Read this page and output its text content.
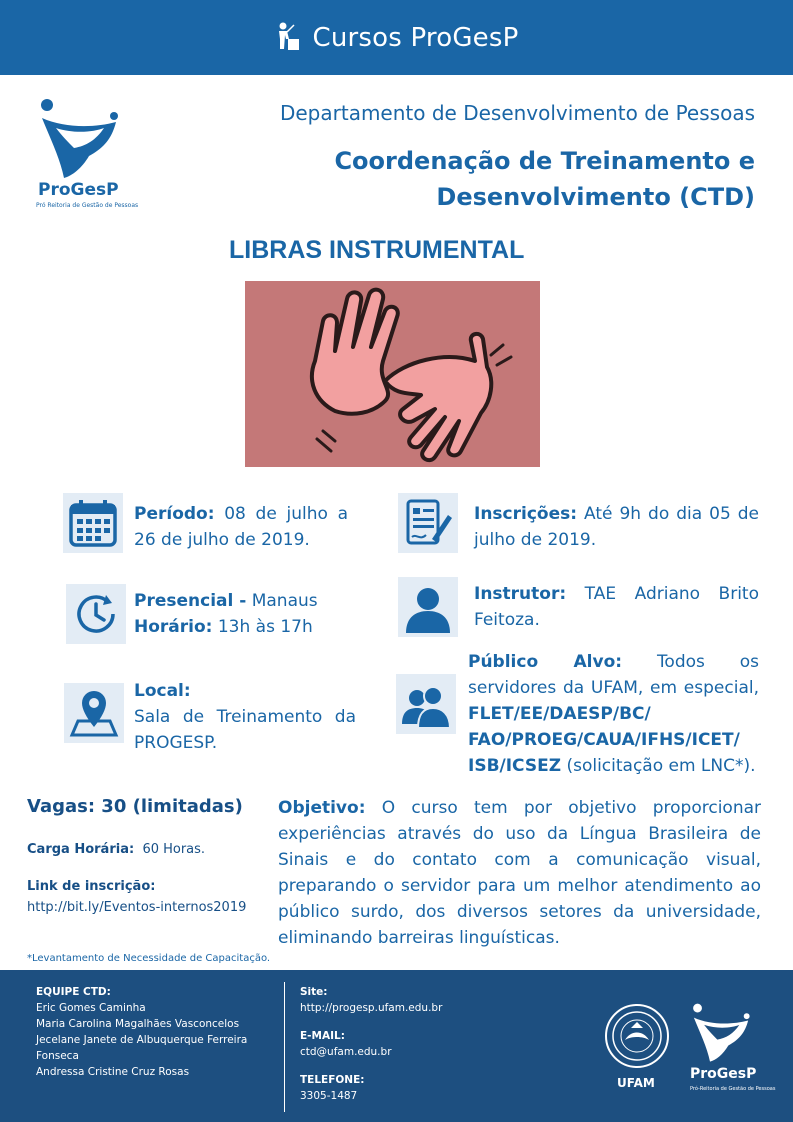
Cursos ProGesP
ProGesP
Pró Reitoria de Gestão de Pessoas
Departamento de Desenvolvimento de Pessoas
Coordenação de Treinamento e
Desenvolvimento (CTD)
LIBRAS INSTRUMENTAL
Período: 08 de julho a 26 de julho de 2019.
Inscrições: Até 9h do dia 05 de julho de 2019.
Presencial - Manaus
Horário: 13h às 17h
Instrutor: TAE Adriano Brito Feitoza.
Local:
Sala de Treinamento da PROGESP.
Público Alvo: Todos os servidores da UFAM, em especial, FLET/EE/DAESP/BC/ FAO/PROEG/CAUA/IFHS/ICET/ ISB/ICSEZ (solicitação em LNC*).
Vagas: 30 (limitadas)
Carga Horária: 60 Horas.
Link de inscrição:
http://bit.ly/Eventos-internos2019
Objetivo: O curso tem por objetivo proporcionar experiências através do uso da Língua Brasileira de Sinais e do contato com a comunicação visual, preparando o servidor para um melhor atendimento ao público surdo, dos diversos setores da universidade, eliminando barreiras linguísticas.
*Levantamento de Necessidade de Capacitação.
EQUIPE CTD:
Eric Gomes Caminha
Maria Carolina Magalhães Vasconcelos
Jecelane Janete de Albuquerque Ferreira Fonseca
Andressa Cristine Cruz Rosas
Site:
http://progesp.ufam.edu.br
E-MAIL:
ctd@ufam.edu.br
TELEFONE:
3305-1487
UFAM
ProGesP
Pró-Reitoria de Gestão de Pessoas
